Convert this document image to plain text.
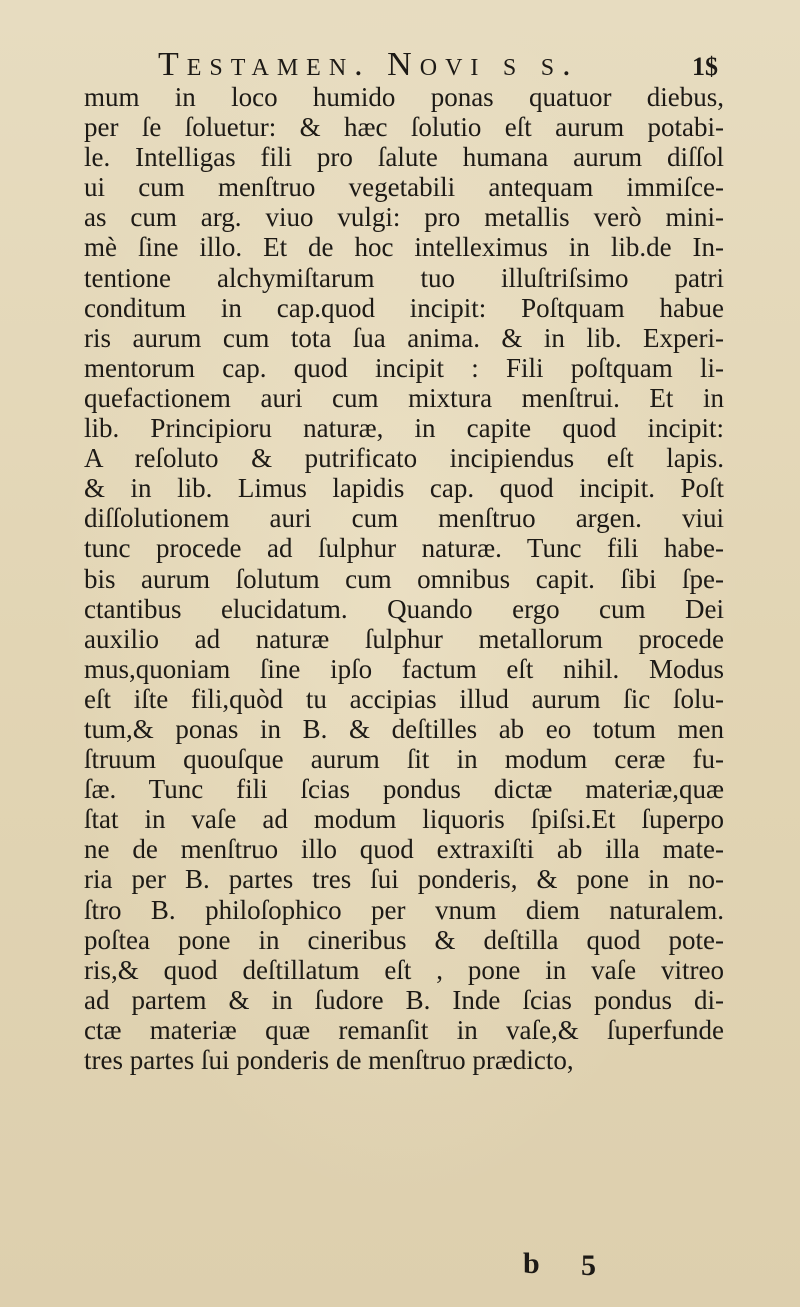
Testamen. Novi s s.	1$
mum in loco humido ponas quatuor diebus,
per ſe ſoluetur: & hæc ſolutio eſt aurum potabi-
le. Intelligas fili pro ſalute humana aurum diſſol
ui cum menſtruo vegetabili antequam immiſce-
as cum arg. viuo vulgi: pro metallis verò mini-
mè ſine illo. Et de hoc intelleximus in lib.de In-
tentione alchymiſtarum tuo illuſtriſsimo patri
conditum in cap.quod incipit: Poſtquam habue
ris aurum cum tota ſua anima. & in lib. Experi-
mentorum cap. quod incipit : Fili poſtquam li-
quefactionem auri cum mixtura menſtrui. Et in
lib. Principioru naturæ, in capite quod incipit:
A reſoluto & putrificato incipiendus eſt lapis.
& in lib. Limus lapidis cap. quod incipit. Poſt
diſſolutionem auri cum menſtruo argen. viui
tunc procede ad ſulphur naturæ. Tunc fili habe-
bis aurum ſolutum cum omnibus capit. ſibi ſpe-
ctantibus elucidatum. Quando ergo cum Dei
auxilio ad naturæ ſulphur metallorum procede
mus,quoniam ſine ipſo factum eſt nihil. Modus
eſt iſte fili,quòd tu accipias illud aurum ſic ſolu-
tum,& ponas in B. & deſtilles ab eo totum men
ſtruum quouſque aurum ſit in modum ceræ fu-
ſæ. Tunc fili ſcias pondus dictæ materiæ,quæ
ſtat in vaſe ad modum liquoris ſpiſsi.Et ſuperpo
ne de menſtruo illo quod extraxiſti ab illa mate-
ria per B. partes tres ſui ponderis, & pone in no-
ſtro B. philoſophico per vnum diem naturalem.
poſtea pone in cineribus & deſtilla quod pote-
ris,& quod deſtillatum eſt , pone in vaſe vitreo
ad partem & in ſudore B. Inde ſcias pondus di-
ctæ materiæ quæ remanſit in vaſe,& ſuperfunde
tres partes ſui ponderis de menſtruo prædicto,
b 5
